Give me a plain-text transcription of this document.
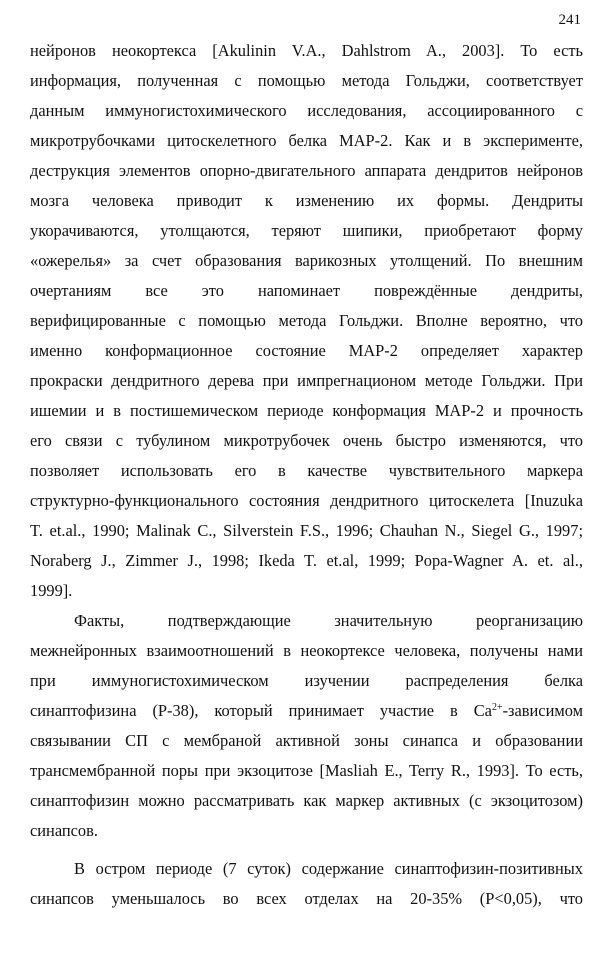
241
нейронов неокортекса [Akulinin V.A., Dahlstrom A., 2003]. То есть
информация, полученная с помощью метода Гольджи, соответствует
данным иммуногистохимического исследования, ассоциированного с
микротрубочками цитоскелетного белка МАР-2. Как и в эксперименте,
деструкция элементов опорно-двигательного аппарата дендритов нейронов
мозга человека приводит к изменению их формы. Дендриты
укорачиваются, утолщаются, теряют шипики, приобретают форму
«ожерелья» за счет образования варикозных утолщений. По внешним
очертаниям все это напоминает повреждённые дендриты,
верифицированные с помощью метода Гольджи. Вполне вероятно, что
именно конформационное состояние МАР-2 определяет характер
прокраски дендритного дерева при импрегнационом методе Гольджи. При
ишемии и в постишемическом периоде конформация МАР-2 и прочность
его связи с тубулином микротрубочек очень быстро изменяются, что
позволяет использовать его в качестве чувствительного маркера
структурно-функционального состояния дендритного цитоскелета [Inuzuka
T. et.al., 1990; Malinak C., Silverstein F.S., 1996; Chauhan N., Siegel G., 1997;
Noraberg J., Zimmer J., 1998; Ikeda T. et.al, 1999; Popa-Wagner A. et. al.,
1999].
Факты, подтверждающие значительную реорганизацию
межнейронных взаимоотношений в неокортексе человека, получены нами
при иммуногистохимическом изучении распределения белка
синаптофизина (Р-38), который принимает участие в $Ca^{2+}$-зависимом
связывании СП с мембраной активной зоны синапса и образовании
трансмембранной поры при экзоцитозе [Masliah E., Terry R., 1993]. То есть,
синаптофизин можно рассматривать как маркер активных (с экзоцитозом)
синапсов.
В остром периоде (7 суток) содержание синаптофизин-позитивных
синапсов уменьшалось во всех отделах на 20-35% (Р<0,05), что
